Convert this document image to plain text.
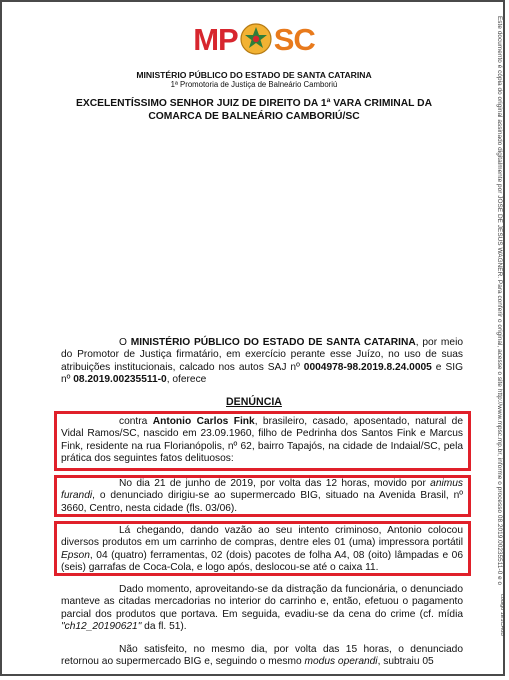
MP SC
MINISTÉRIO PÚBLICO DO ESTADO DE SANTA CATARINA
1ª Promotoria de Justiça de Balneário Camboriú
EXCELENTÍSSIMO SENHOR JUIZ DE DIREITO DA 1ª VARA CRIMINAL DA
COMARCA DE BALNEÁRIO CAMBORIÚ/SC
O MINISTÉRIO PÚBLICO DO ESTADO DE SANTA CATARINA, por meio do Promotor de Justiça firmatário, em exercício perante esse Juízo, no uso de suas atribuições institucionais, calcado nos autos SAJ nº 0004978-98.2019.8.24.0005 e SIG nº 08.2019.00235511-0, oferece
DENÚNCIA
contra Antonio Carlos Fink, brasileiro, casado, aposentado, natural de Vidal Ramos/SC, nascido em 23.09.1960, filho de Pedrinha dos Santos Fink e Marcus Fink, residente na rua Florianópolis, nº 62, bairro Tapajós, na cidade de Indaial/SC, pela prática dos seguintes fatos delituosos:
No dia 21 de junho de 2019, por volta das 12 horas, movido por animus furandi, o denunciado dirigiu-se ao supermercado BIG, situado na Avenida Brasil, nº 3660, Centro, nesta cidade (fls. 03/06).
Lá chegando, dando vazão ao seu intento criminoso, Antonio colocou diversos produtos em um carrinho de compras, dentre eles 01 (uma) impressora portátil Epson, 04 (quatro) ferramentas, 02 (dois) pacotes de folha A4, 08 (oito) lâmpadas e 06 (seis) garrafas de Coca-Cola, e logo após, deslocou-se até o caixa 11.
Dado momento, aproveitando-se da distração da funcionária, o denunciado manteve as citadas mercadorias no interior do carrinho e, então, efetuou o pagamento parcial dos produtos que portava. Em seguida, evadiu-se da cena do crime (cf. mídia "ch12_20190621" da fl. 51).
Não satisfeito, no mesmo dia, por volta das 15 horas, o denunciado retornou ao supermercado BIG e, seguindo o mesmo modus operandi, subtraiu 05
Este documento é cópia do original assinado digitalmente por JOSE DE JESUS WAGNER. Para conferir o original, acesse o site http://www.mpsc.mp.br, informe o processo 08.2019.00235511-0 e o
código 1E1CA6B
